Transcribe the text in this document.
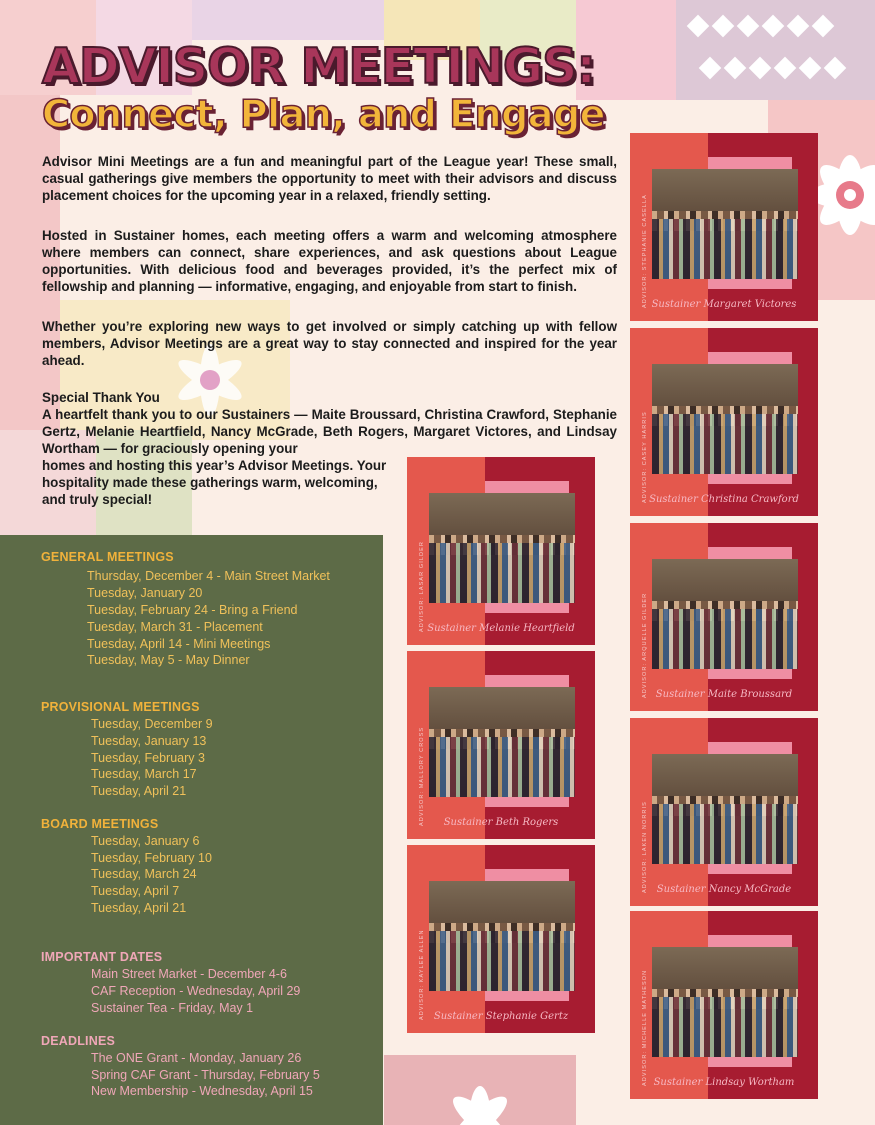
ADVISOR MEETINGS:
Connect, Plan, and Engage
Advisor Mini Meetings are a fun and meaningful part of the League year! These small, casual gatherings give members the opportunity to meet with their advisors and discuss placement choices for the upcoming year in a relaxed, friendly setting.
Hosted in Sustainer homes, each meeting offers a warm and welcoming atmosphere where members can connect, share experiences, and ask questions about League opportunities. With delicious food and beverages provided, it’s the perfect mix of fellowship and planning — informative, engaging, and enjoyable from start to finish.
Whether you’re exploring new ways to get involved or simply catching up with fellow members, Advisor Meetings are a great way to stay connected and inspired for the year ahead.
Special Thank You
A heartfelt thank you to our Sustainers — Maite Broussard, Christina Crawford, Stephanie Gertz, Melanie Heartfield, Nancy McGrade, Beth Rogers, Margaret Victores, and Lindsay Wortham — for graciously opening your
homes and hosting this year’s Advisor Meetings. Your hospitality made these gatherings warm, welcoming, and truly special!
GENERAL MEETINGS
Thursday, December 4 - Main Street Market
Tuesday, January 20
Tuesday, February 24 - Bring a Friend
Tuesday, March 31 - Placement
Tuesday, April 14 - Mini Meetings
Tuesday, May 5 - May Dinner
PROVISIONAL MEETINGS
Tuesday, December 9
Tuesday, January 13
Tuesday, February 3
Tuesday, March 17
Tuesday, April 21
BOARD MEETINGS
Tuesday, January 6
Tuesday, February 10
Tuesday, March 24
Tuesday, April 7
Tuesday, April 21
IMPORTANT DATES
Main Street Market - December 4-6
CAF Reception - Wednesday, April 29
Sustainer Tea - Friday, May 1
DEADLINES
The ONE Grant - Monday, January 26
Spring CAF Grant - Thursday, February 5
New Membership - Wednesday, April 15
ADVISOR: STEPHANIE CASELLA Sustainer Margaret Victores
ADVISOR: CASEY HARRIS Sustainer Christina Crawford
ADVISOR: ARQUELLE GILDER Sustainer Maite Broussard
ADVISOR: LAKEN NORRIS Sustainer Nancy McGrade
ADVISOR: MICHELLE MATHESON Sustainer Lindsay Wortham
ADVISOR: LASAR GILDER Sustainer Melanie Heartfield
ADVISOR: MALLORY CROSS	Sustainer Beth Rogers
ADVISOR: KAYLEE ALLEN Sustainer Stephanie Gertz
